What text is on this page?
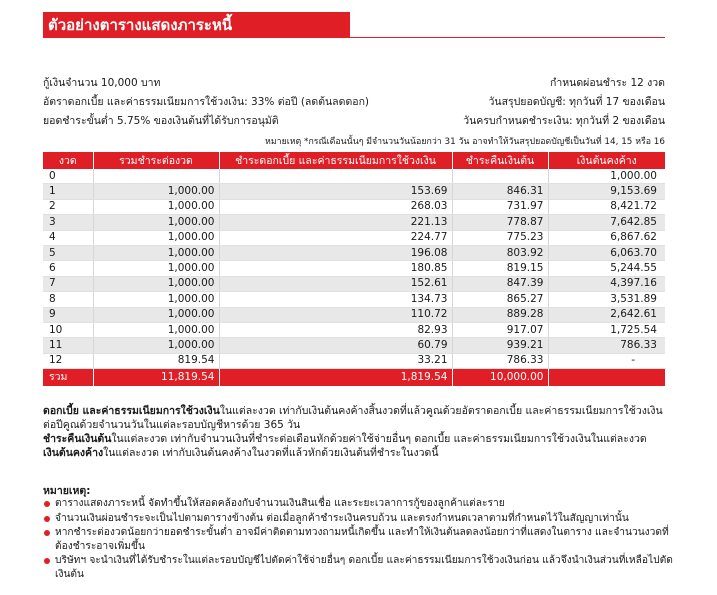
ตัวอย่างตารางแสดงภาระหนี้
กู้เงินจำนวน 10,000 บาท
อัตราดอกเบี้ย และค่าธรรมเนียมการใช้วงเงิน: 33% ต่อปี (ลดต้นลดดอก)
ยอดชำระขั้นต่ำ 5.75% ของเงินต้นที่ได้รับการอนุมัติ
กำหนดผ่อนชำระ 12 งวด
วันสรุปยอดบัญชี: ทุกวันที่ 17 ของเดือน
วันครบกำหนดชำระเงิน: ทุกวันที่ 2 ของเดือน
หมายเหตุ *กรณีเดือนนั้นๆ มีจำนวนวันน้อยกว่า 31 วัน อาจทำให้วันสรุปยอดบัญชีเป็นวันที่ 14, 15 หรือ 16
งวด	รวมชำระต่องวด	ชำระดอกเบี้ย และค่าธรรมเนียมการใช้วงเงิน	ชำระคืนเงินต้น	เงินต้นคงค้าง
0				1,000.00
1	1,000.00	153.69	846.31	9,153.69
2	1,000.00	268.03	731.97	8,421.72
3	1,000.00	221.13	778.87	7,642.85
4	1,000.00	224.77	775.23	6,867.62
5	1,000.00	196.08	803.92	6,063.70
6	1,000.00	180.85	819.15	5,244.55
7	1,000.00	152.61	847.39	4,397.16
8	1,000.00	134.73	865.27	3,531.89
9	1,000.00	110.72	889.28	2,642.61
10	1,000.00	82.93	917.07	1,725.54
11	1,000.00	60.79	939.21	786.33
12	819.54	33.21	786.33	-
รวม	11,819.54	1,819.54	10,000.00	

ดอกเบี้ย และค่าธรรมเนียมการใช้วงเงินในแต่ละงวด เท่ากับเงินต้นคงค้างสิ้นงวดที่แล้วคูณด้วยอัตราดอกเบี้ย และค่าธรรมเนียมการใช้วงเงินต่อปีคูณด้วยจำนวนวันในแต่ละรอบบัญชีหารด้วย 365 วัน

ชำระคืนเงินต้นในแต่ละงวด เท่ากับจำนวนเงินที่ชำระต่อเดือนหักด้วยค่าใช้จ่ายอื่นๆ ดอกเบี้ย และค่าธรรมเนียมการใช้วงเงินในแต่ละงวด

เงินต้นคงค้างในแต่ละงวด เท่ากับเงินต้นคงค้างในงวดที่แล้วหักด้วยเงินต้นที่ชำระในงวดนี้

หมายเหตุ:
ตารางแสดงภาระหนี้ จัดทำขึ้นให้สอดคล้องกับจำนวนเงินสินเชื่อ และระยะเวลาการกู้ของลูกค้าแต่ละราย
จำนวนเงินผ่อนชำระจะเป็นไปตามตารางข้างต้น ต่อเมื่อลูกค้าชำระเงินครบถ้วน และตรงกำหนดเวลาตามที่กำหนดไว้ในสัญญาเท่านั้น
หากชำระต่องวดน้อยกว่ายอดชำระขั้นต่ำ อาจมีค่าติดตามทวงถามหนี้เกิดขึ้น และทำให้เงินต้นลดลงน้อยกว่าที่แสดงในตาราง และจำนวนงวดที่ต้องชำระอาจเพิ่มขึ้น
บริษัทฯ จะนำเงินที่ได้รับชำระในแต่ละรอบบัญชีไปตัดค่าใช้จ่ายอื่นๆ ดอกเบี้ย และค่าธรรมเนียมการใช้วงเงินก่อน แล้วจึงนำเงินส่วนที่เหลือไปตัดเงินต้น
